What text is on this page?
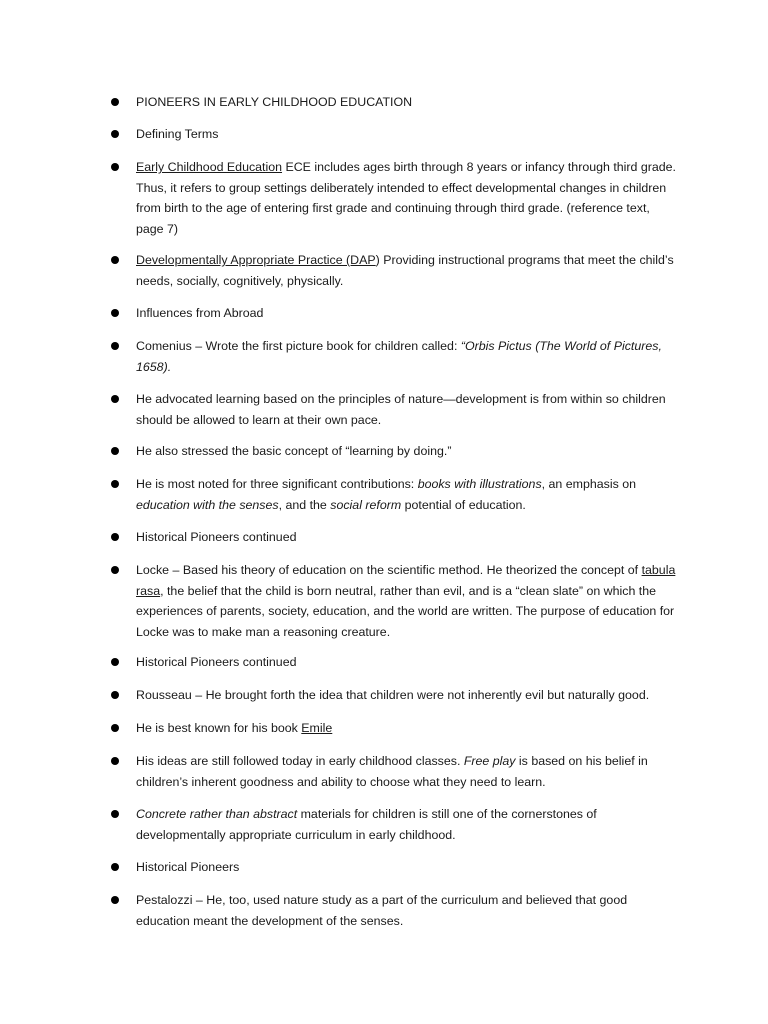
PIONEERS IN EARLY CHILDHOOD EDUCATION
Defining Terms
Early Childhood Education ECE includes ages birth through 8 years or infancy through third grade. Thus, it refers to group settings deliberately intended to effect developmental changes in children from birth to the age of entering first grade and continuing through third grade. (reference text, page 7)
Developmentally Appropriate Practice (DAP) Providing instructional programs that meet the child’s needs, socially, cognitively, physically.
Influences from Abroad
Comenius – Wrote the first picture book for children called: “Orbis Pictus (The World of Pictures, 1658).
He advocated learning based on the principles of nature—development is from within so children should be allowed to learn at their own pace.
He also stressed the basic concept of “learning by doing.”
He is most noted for three significant contributions: books with illustrations, an emphasis on education with the senses, and the social reform potential of education.
Historical Pioneers continued
Locke – Based his theory of education on the scientific method. He theorized the concept of tabula rasa, the belief that the child is born neutral, rather than evil, and is a “clean slate” on which the experiences of parents, society, education, and the world are written. The purpose of education for Locke was to make man a reasoning creature.
Historical Pioneers continued
Rousseau – He brought forth the idea that children were not inherently evil but naturally good.
He is best known for his book Emile
His ideas are still followed today in early childhood classes. Free play is based on his belief in children’s inherent goodness and ability to choose what they need to learn.
Concrete rather than abstract materials for children is still one of the cornerstones of developmentally appropriate curriculum in early childhood.
Historical Pioneers
Pestalozzi – He, too, used nature study as a part of the curriculum and believed that good education meant the development of the senses.
